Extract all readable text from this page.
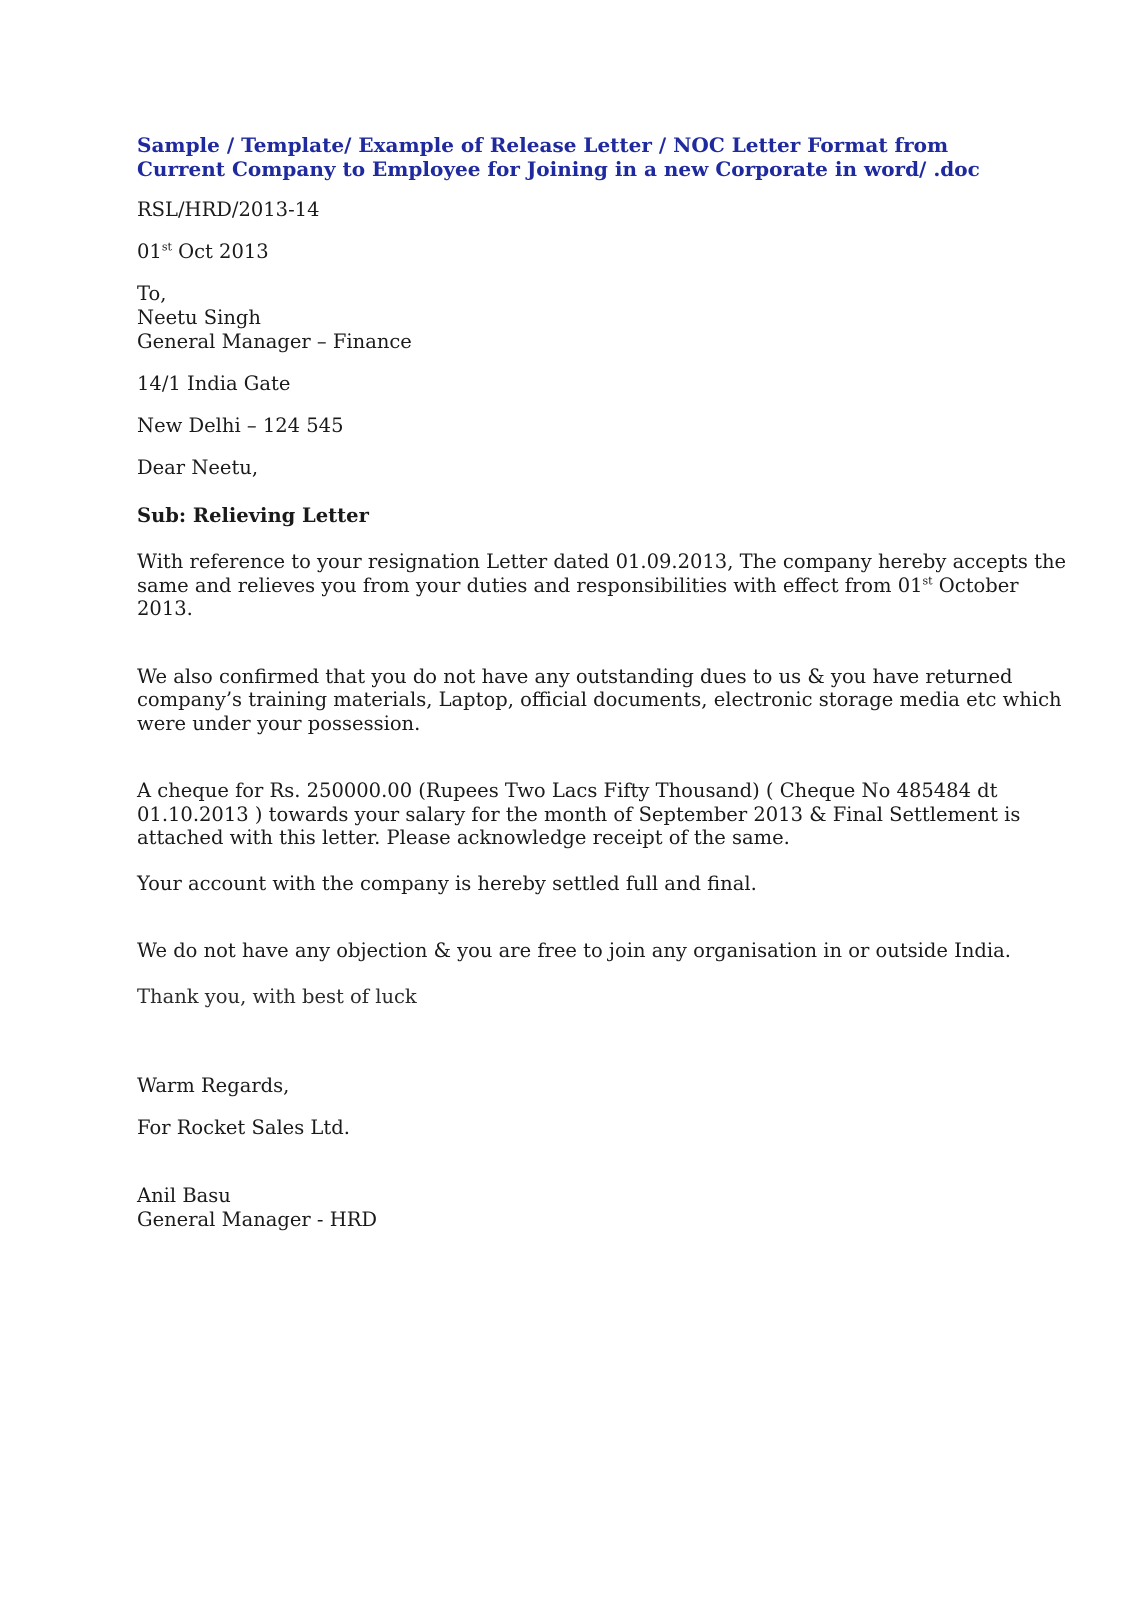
Sample / Template/ Example of Release Letter / NOC Letter Format from
Current Company to Employee for Joining in a new Corporate in word/ .doc

RSL/HRD/2013-14

01st Oct 2013

To,

Neetu Singh

General Manager – Finance

14/1 India Gate

New Delhi – 124 545

Dear Neetu,

Sub: Relieving Letter

With reference to your resignation Letter dated 01.09.2013, The company hereby accepts the

same and relieves you from your duties and responsibilities with effect from 01st October

2013.

We also confirmed that you do not have any outstanding dues to us & you have returned

company’s training materials, Laptop, official documents, electronic storage media etc which

were under your possession.

A cheque for Rs. 250000.00 (Rupees Two Lacs Fifty Thousand) ( Cheque No 485484 dt

01.10.2013 ) towards your salary for the month of September 2013 & Final Settlement is

attached with this letter. Please acknowledge receipt of the same.

Your account with the company is hereby settled full and final.

We do not have any objection & you are free to join any organisation in or outside India.

Thank you, with best of luck

Warm Regards,

For Rocket Sales Ltd.

Anil Basu

General Manager - HRD
